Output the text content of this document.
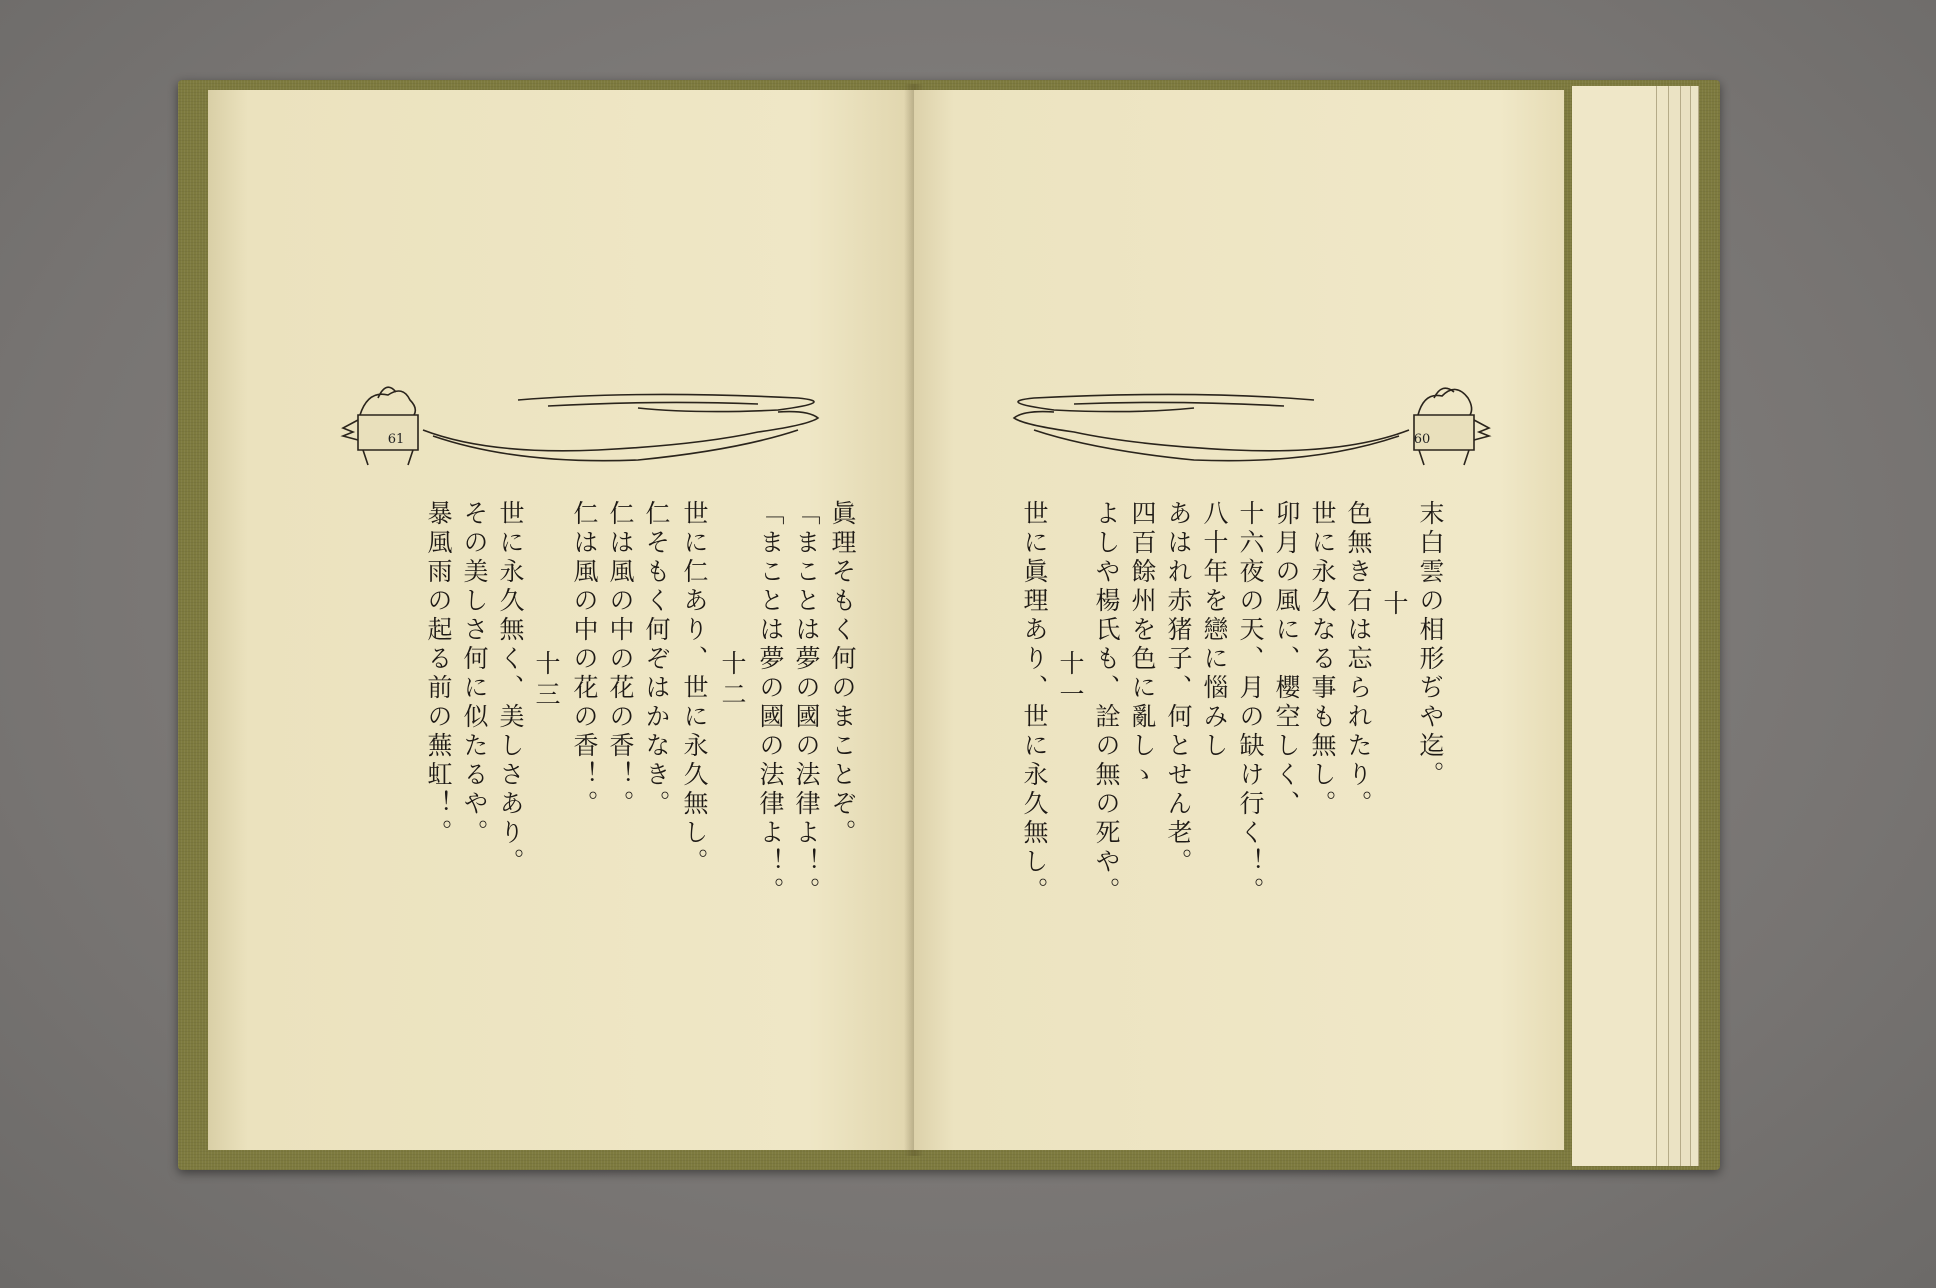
61
眞理そもく何のまことぞ。
「まことは夢の國の法律よ！。
「まことは夢の國の法律よ！。
十二
世に仁あり、世に永久無し。
仁そもく何ぞはかなき。
仁は風の中の花の香！。
仁は風の中の花の香！。
十三
世に永久無く、美しさあり。
その美しさ何に似たるや。
暴風雨の起る前の蕪虹！。
60
末白雲の相形ぢや迄。
十
色無き石は忘られたり。
世に永久なる事も無し。
卯月の風に、櫻空しく、
十六夜の天、月の缺け行く！。
八十年を戀に惱みし
あはれ赤猪子、何とせん老。
四百餘州を色に亂しゝ
よしや楊氏も、詮の無の死や。
十一
世に眞理あり、世に永久無し。
